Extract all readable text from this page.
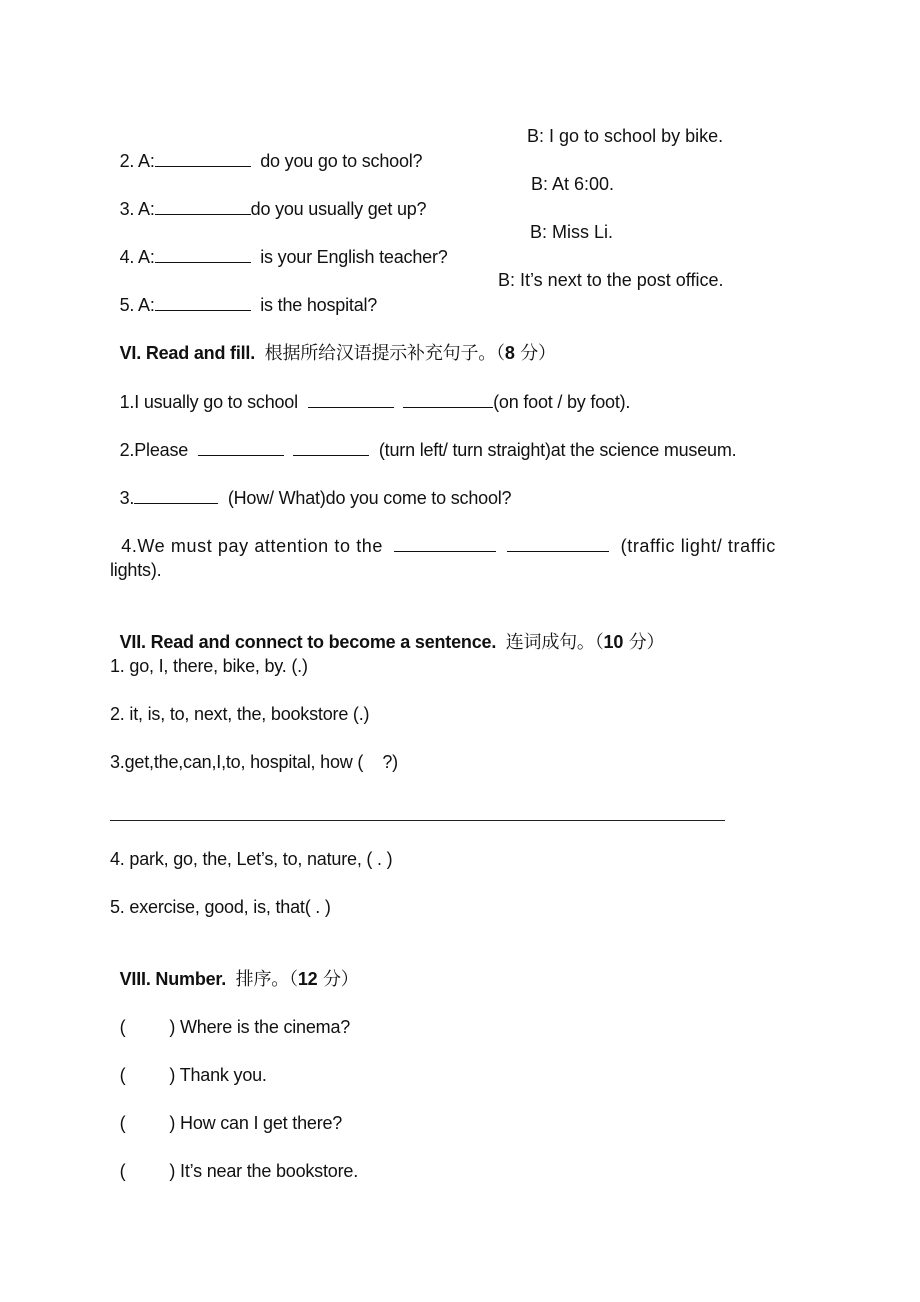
2. A:	do you go to school?

B: I go to school by bike.

3. A:	do you usually get up?

B: At 6:00.

4. A:	is your English teacher?

B: Miss Li.

5. A:	is the hospital?

B: It’s next to the post office.

VI. Read and fill. 根据所给汉语提示补充句子。（8 分）

1.I usually go to school	(on foot / by foot).

2.Please	(turn left/ turn straight)at the science museum.

3.	(How/ What)do you come to school?

4.We must pay attention to the	(traffic light/ traffic

lights).

VII. Read and connect to become a sentence. 连词成句。（10 分）

1. go, I, there, bike, by. (.)
2. it, is, to, next, the, bookstore (.)
3.get,the,can,I,to, hospital, how (    ?)
4. park, go, the, Let’s, to, nature, ( . )
5. exercise, good, is, that( . )

VIII. Number. 排序。（12 分）

( ) Where is the cinema?

( ) Thank you.

( ) How can I get there?

( ) It’s near the bookstore.
